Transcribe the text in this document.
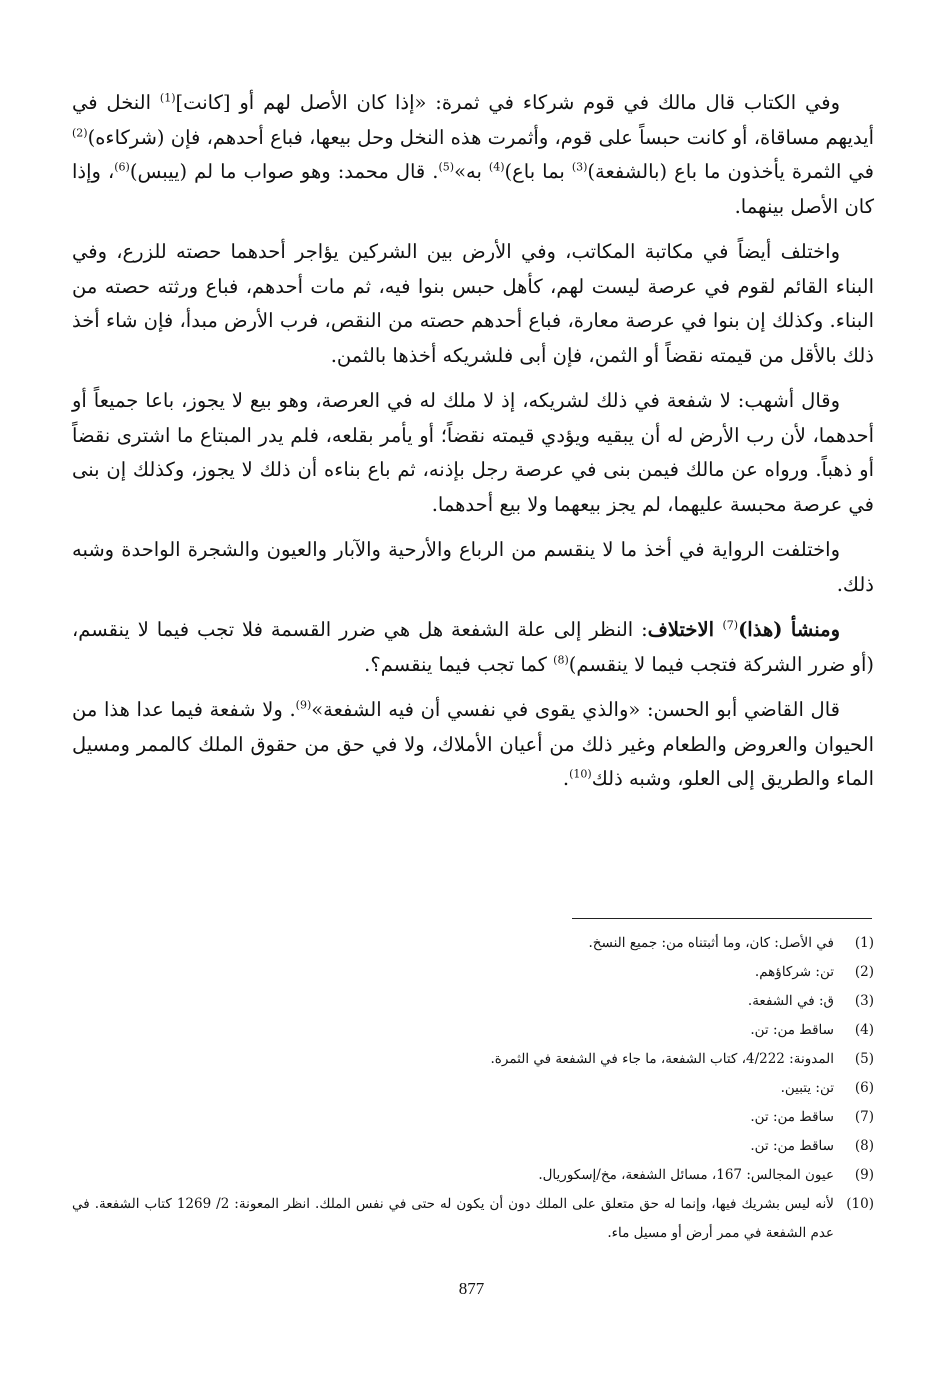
وفي الكتاب قال مالك في قوم شركاء في ثمرة: «إذا كان الأصل لهم أو [كانت]$^{(1)}$ النخل في أيديهم مساقاة، أو كانت حبساً على قوم، وأثمرت هذه النخل وحل بيعها، فباع أحدهم، فإن (شركاءه)$^{(2)}$ في الثمرة يأخذون ما باع (بالشفعة)$^{(3)}$ بما باع)$^{(4)}$ به»$^{(5)}$. قال محمد: وهو صواب ما لم (ييبس)$^{(6)}$، وإذا كان الأصل بينهما.

واختلف أيضاً في مكاتبة المكاتب، وفي الأرض بين الشركين يؤاجر أحدهما حصته للزرع، وفي البناء القائم لقوم في عرصة ليست لهم، كأهل حبس بنوا فيه، ثم مات أحدهم، فباع ورثته حصته من البناء. وكذلك إن بنوا في عرصة معارة، فباع أحدهم حصته من النقص، فرب الأرض مبدأ، فإن شاء أخذ ذلك بالأقل من قيمته نقضاً أو الثمن، فإن أبى فلشريكه أخذها بالثمن.

وقال أشهب: لا شفعة في ذلك لشريكه، إذ لا ملك له في العرصة، وهو بيع لا يجوز، باعا جميعاً أو أحدهما، لأن رب الأرض له أن يبقيه ويؤدي قيمته نقضاً؛ أو يأمر بقلعه، فلم يدر المبتاع ما اشترى نقضاً أو ذهباً. ورواه عن مالك فيمن بنى في عرصة رجل بإذنه، ثم باع بناءه أن ذلك لا يجوز، وكذلك إن بنى في عرصة محبسة عليهما، لم يجز بيعهما ولا بيع أحدهما.

واختلفت الرواية في أخذ ما لا ينقسم من الرباع والأرحية والآبار والعيون والشجرة الواحدة وشبه ذلك.

ومنشأ (هذا)$^{(7)}$ الاختلاف: النظر إلى علة الشفعة هل هي ضرر القسمة فلا تجب فيما لا ينقسم، (أو ضرر الشركة فتجب فيما لا ينقسم)$^{(8)}$ كما تجب فيما ينقسم؟.

قال القاضي أبو الحسن: «والذي يقوى في نفسي أن فيه الشفعة»$^{(9)}$. ولا شفعة فيما عدا هذا من الحيوان والعروض والطعام وغير ذلك من أعيان الأملاك، ولا في حق من حقوق الملك كالممر ومسيل الماء والطريق إلى العلو، وشبه ذلك$^{(10)}$.

(1)
في الأصل: كان، وما أثبتناه من: جميع النسخ.
(2)
تن: شركاؤهم.
(3)
ق: في الشفعة.
(4)
ساقط من: تن.
(5)
المدونة: 4/222، كتاب الشفعة، ما جاء في الشفعة في الثمرة.
(6)
تن: يتبين.
(7)
ساقط من: تن.
(8)
ساقط من: تن.
(9)
عيون المجالس: 167، مسائل الشفعة، مخ/إسكوريال.
(10)
لأنه ليس بشريك فيها، وإنما له حق متعلق على الملك دون أن يكون له حتى في نفس الملك. انظر المعونة: 2/ 1269 كتاب الشفعة. في عدم الشفعة في ممر أرض أو مسيل ماء.
877
